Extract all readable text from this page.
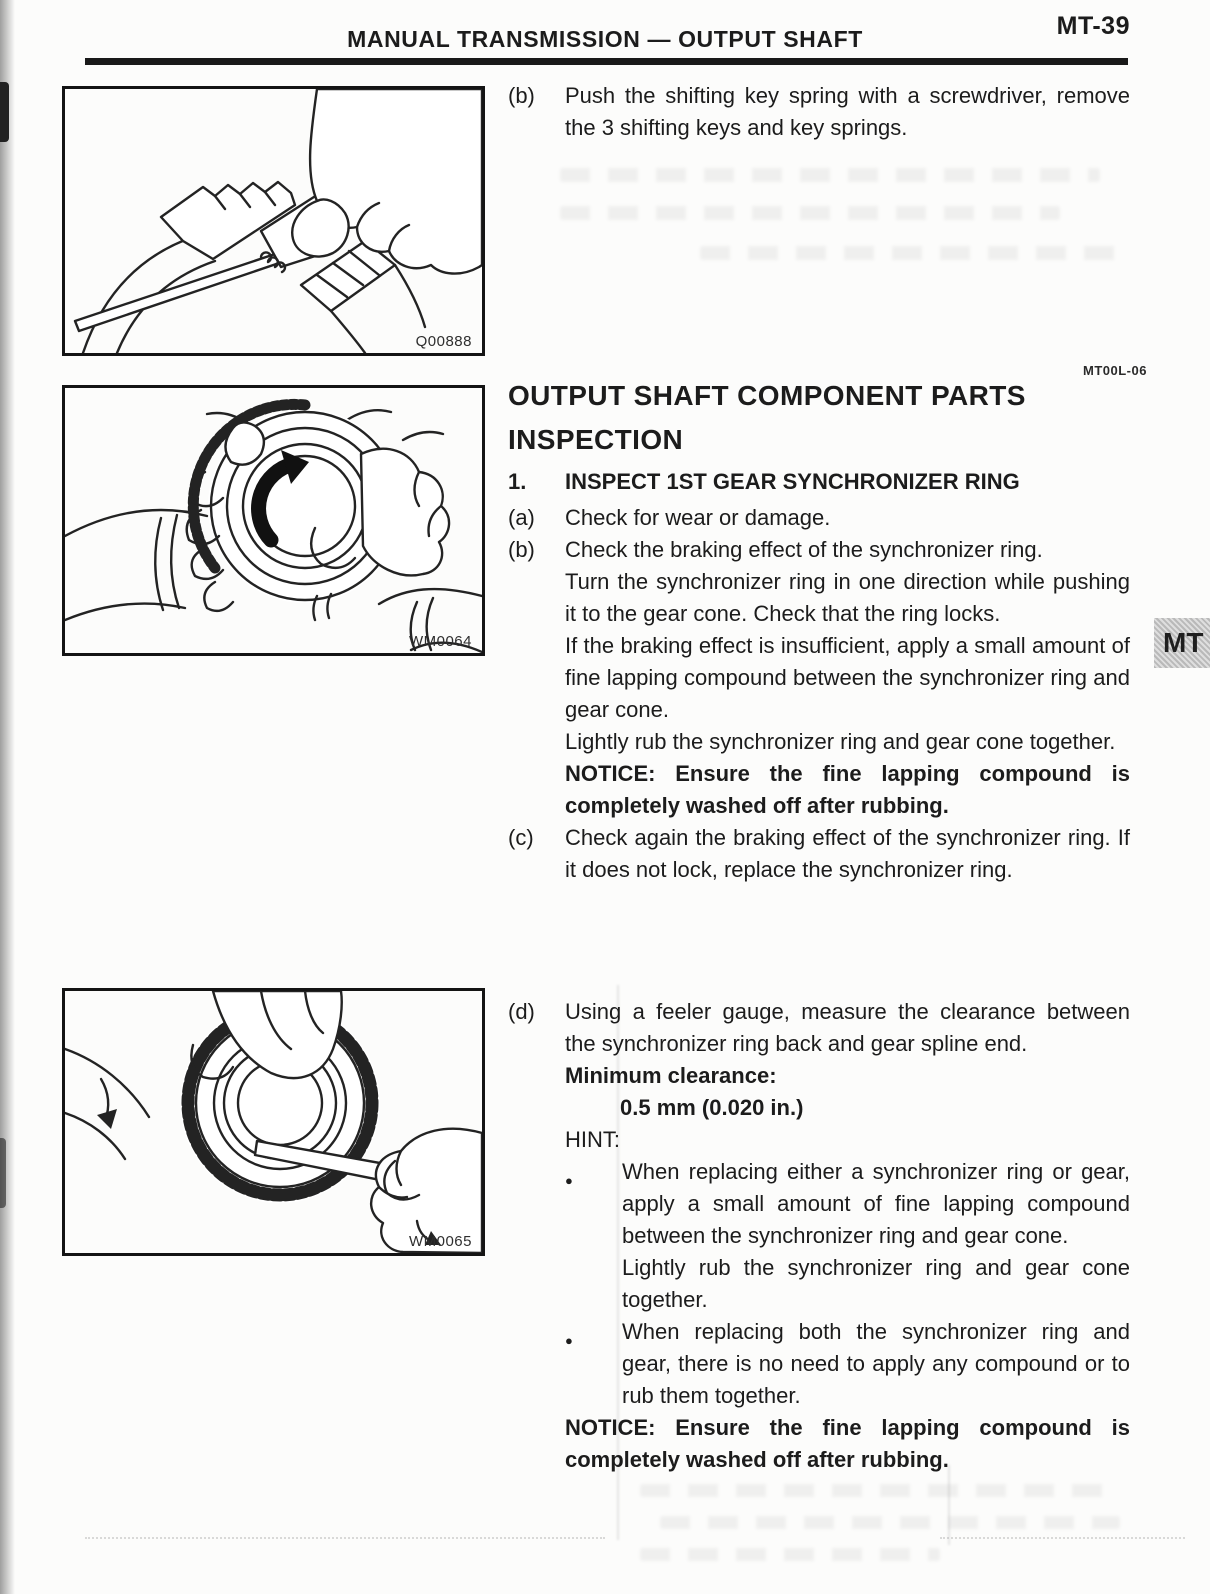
MANUAL TRANSMISSION — OUTPUT SHAFT	MT-39
MT
Q00888
(b)	Push the shifting key spring with a screwdriver, remove the 3 shifting keys and key springs.
MT00L-06
OUTPUT SHAFT COMPONENT PARTS
INSPECTION
1.	INSPECT 1ST GEAR SYNCHRONIZER RING
WM0064
(a)	Check for wear or damage.
(b)	Check the braking effect of the synchronizer ring.
Turn the synchronizer ring in one direction while pushing it to the gear cone. Check that the ring locks.
If the braking effect is insufficient, apply a small amount of fine lapping compound between the synchronizer ring and gear cone.
Lightly rub the synchronizer ring and gear cone together.
NOTICE: Ensure the fine lapping compound is completely washed off after rubbing.
(c)	Check again the braking effect of the synchronizer ring. If it does not lock, replace the synchronizer ring.
WM0065
(d)	Using a feeler gauge, measure the clearance between the synchronizer ring back and gear spline end.
Minimum clearance:
0.5 mm (0.020 in.)
HINT:
●	When replacing either a synchronizer ring or gear, apply a small amount of fine lapping compound between the synchronizer ring and gear cone.
Lightly rub the synchronizer ring and gear cone together.
●	When replacing both the synchronizer ring and gear, there is no need to apply any compound or to rub them together.
NOTICE: Ensure the fine lapping compound is completely washed off after rubbing.
